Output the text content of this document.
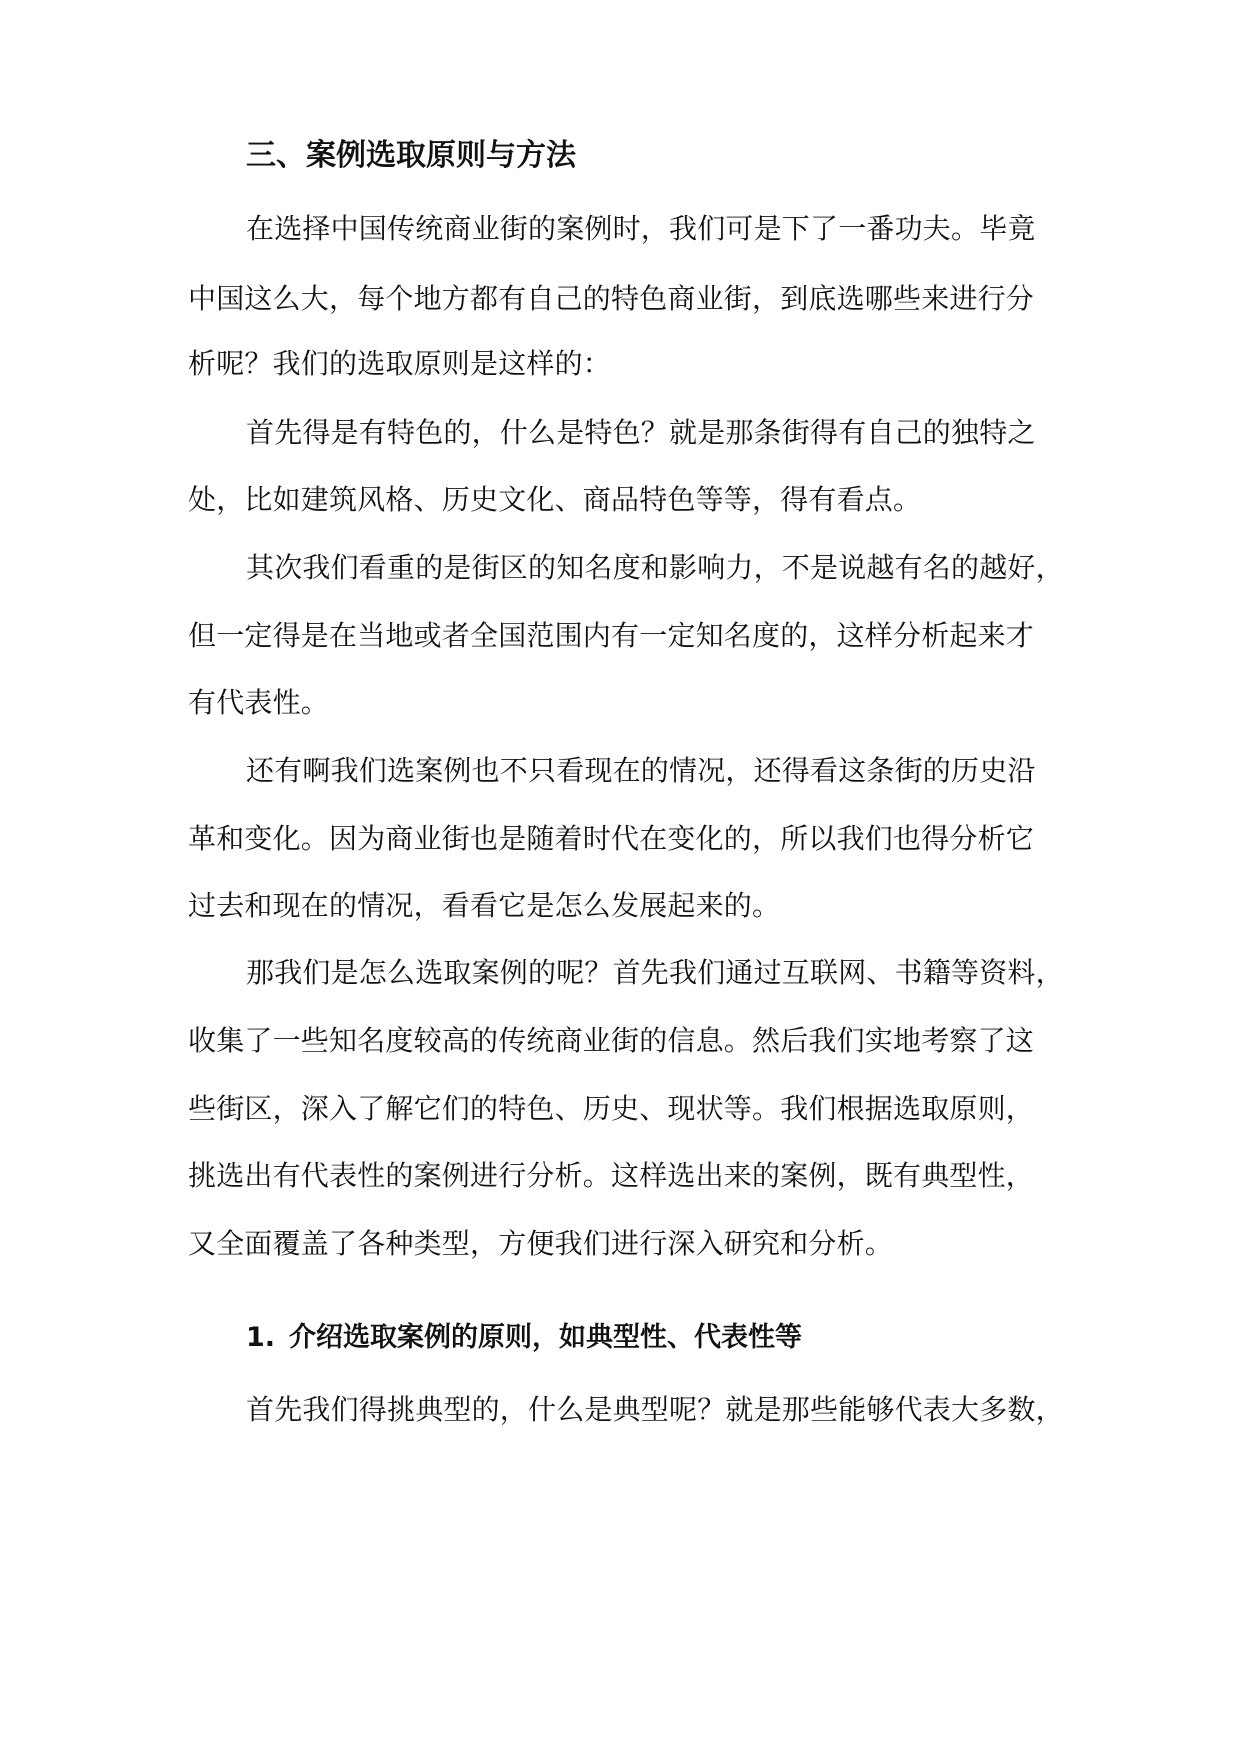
三、案例选取原则与方法
在选择中国传统商业街的案例时，我们可是下了一番功夫。毕竟
中国这么大，每个地方都有自己的特色商业街，到底选哪些来进行分
析呢？我们的选取原则是这样的：
首先得是有特色的，什么是特色？就是那条街得有自己的独特之
处，比如建筑风格、历史文化、商品特色等等，得有看点。
其次我们看重的是街区的知名度和影响力，不是说越有名的越好，
但一定得是在当地或者全国范围内有一定知名度的，这样分析起来才
有代表性。
还有啊我们选案例也不只看现在的情况，还得看这条街的历史沿
革和变化。因为商业街也是随着时代在变化的，所以我们也得分析它
过去和现在的情况，看看它是怎么发展起来的。
那我们是怎么选取案例的呢？首先我们通过互联网、书籍等资料，
收集了一些知名度较高的传统商业街的信息。然后我们实地考察了这
些街区，深入了解它们的特色、历史、现状等。我们根据选取原则，
挑选出有代表性的案例进行分析。这样选出来的案例，既有典型性，
又全面覆盖了各种类型，方便我们进行深入研究和分析。
1. 介绍选取案例的原则，如典型性、代表性等
首先我们得挑典型的，什么是典型呢？就是那些能够代表大多数，
